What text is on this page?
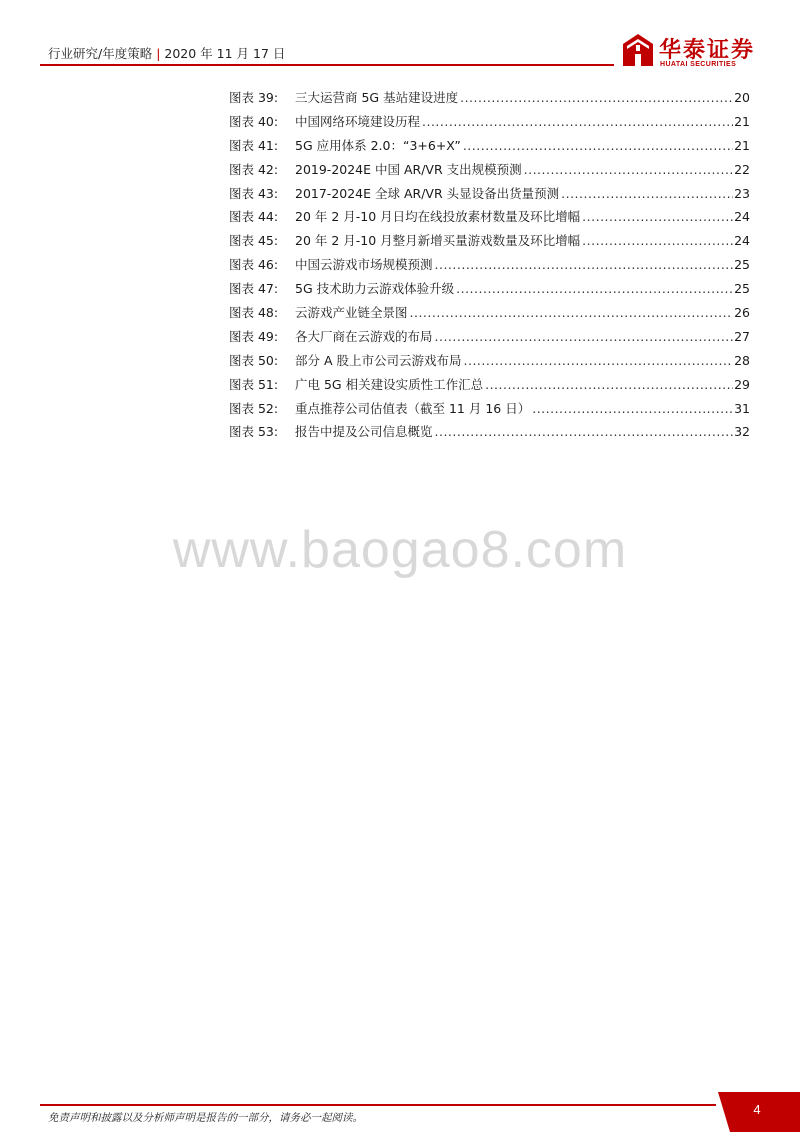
行业研究/年度策略 | 2020 年 11 月 17 日	华泰证券
HUATAI SECURITIES
图表 39:	三大运营商 5G 基站建设进度 .....	20
图表 40:	中国网络环境建设历程 .....	21
图表 41:	5G 应用体系 2.0：“3+6+X” .....	21
图表 42:	2019-2024E 中国 AR/VR 支出规模预测 .....	22
图表 43:	2017-2024E 全球 AR/VR 头显设备出货量预测 .....	23
图表 44:	20 年 2 月-10 月日均在线投放素材数量及环比增幅 .....	24
图表 45:	20 年 2 月-10 月整月新增买量游戏数量及环比增幅 .....	24
图表 46:	中国云游戏市场规模预测 .....	25
图表 47:	5G 技术助力云游戏体验升级 .....	25
图表 48:	云游戏产业链全景图 .....	26
图表 49:	各大厂商在云游戏的布局 .....	27
图表 50:	部分 A 股上市公司云游戏布局 .....	28
图表 51:	广电 5G 相关建设实质性工作汇总 .....	29
图表 52:	重点推荐公司估值表（截至 11 月 16 日） .....	31
图表 53:	报告中提及公司信息概览 .....	32
www.baogao8.com
免责声明和披露以及分析师声明是报告的一部分，请务必一起阅读。
4
